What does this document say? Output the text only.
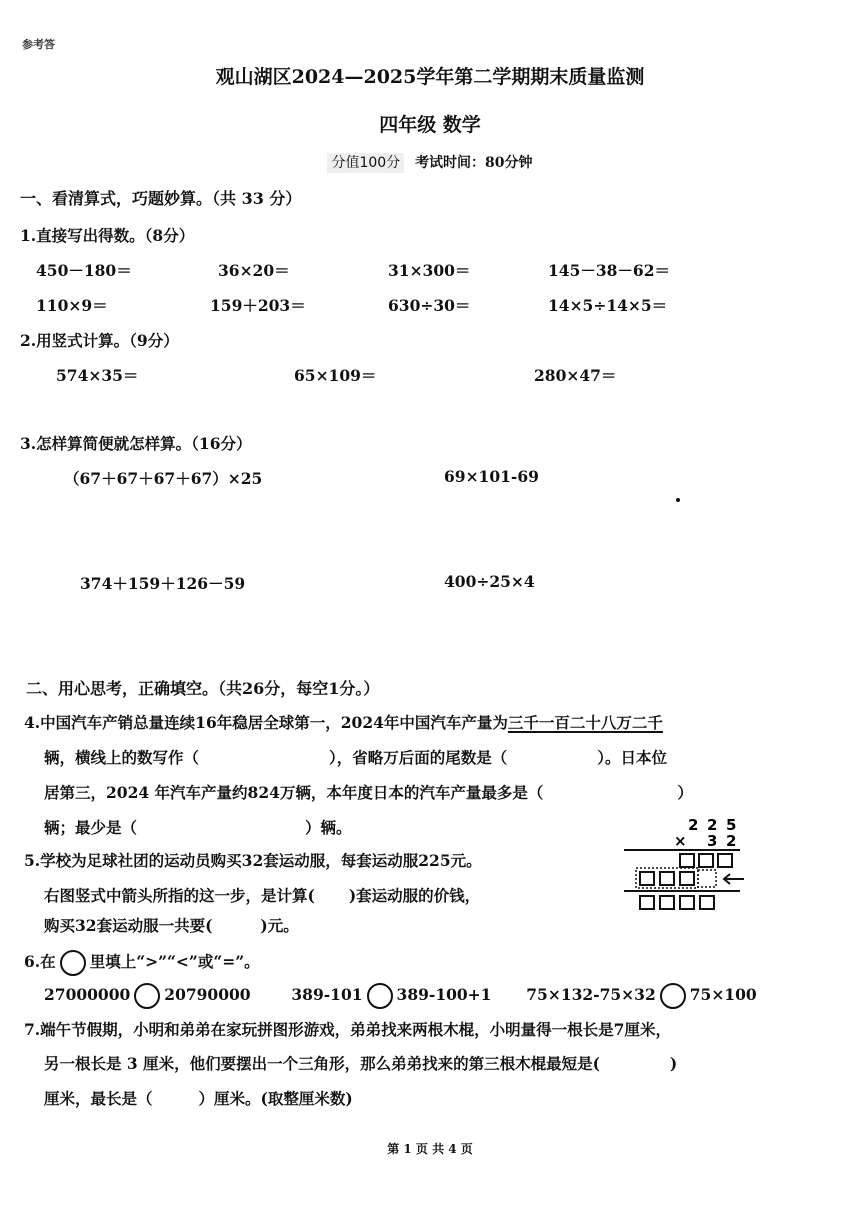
参考答
观山湖区2024—2025学年第二学期期末质量监测
四年级 数学
分值100分 考试时间：80分钟
一、看清算式，巧题妙算。（共 33 分）
1.直接写出得数。（8分）
450－180＝	36×20＝	31×300＝	145－38－62＝
110×9＝	159＋203＝	630÷30＝	14×5÷14×5＝
2.用竖式计算。（9分）
574×35＝	65×109＝	280×47＝
3.怎样算简便就怎样算。（16分）
（67＋67＋67＋67）×25	69×101-69
374＋159＋126－59	400÷25×4
二、用心思考，正确填空。（共26分，每空1分。）
4.中国汽车产销总量连续16年稳居全球第一，2024年中国汽车产量为三千一百二十八万二千
辆，横线上的数写作（	），省略万后面的尾数是（	）。日本位
居第三，2024 年汽车产量约824万辆，本年度日本的汽车产量最多是（	）
辆；最少是（	）辆。
5.学校为足球社团的运动员购买32套运动服，每套运动服225元。
右图竖式中箭头所指的这一步，是计算( )套运动服的价钱，
购买32套运动服一共要(	)元。
2 2 5
× 3 2
6.在 里填上“>”“<”或“=”。
27000000 20790000	389-101 389-100+1 75×132-75×32 75×100
7.端午节假期，小明和弟弟在家玩拼图形游戏，弟弟找来两根木棍，小明量得一根长是7厘米，
另一根长是 3 厘米，他们要摆出一个三角形，那么弟弟找来的第三根木棍最短是(	)
厘米，最长是（	）厘米。(取整厘米数)
第 1 页 共 4 页
